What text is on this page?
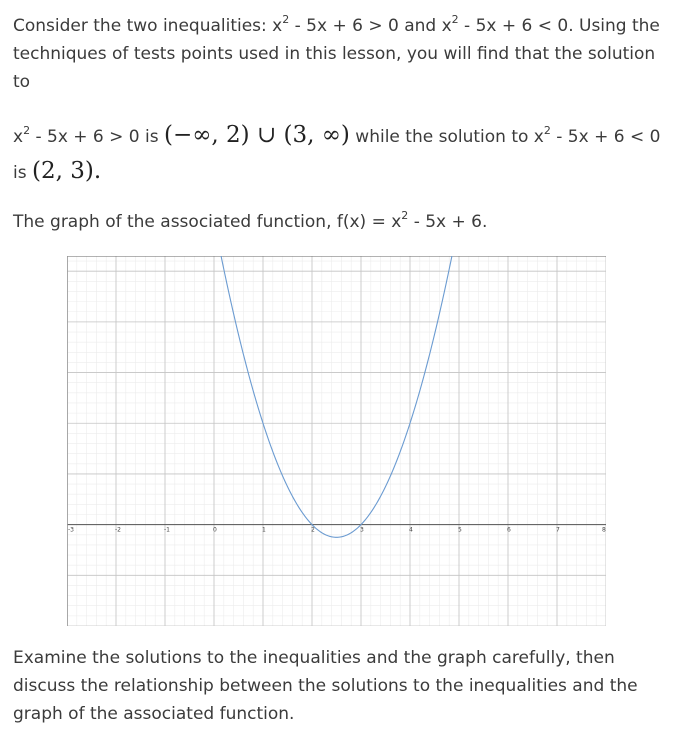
Consider the two inequalities: $x^2 - 5x + 6 > 0$ and $x^2 - 5x + 6 < 0$. Using the techniques of tests points used in this lesson, you will find that the solution to

$x^2 - 5x + 6 > 0$ is (−∞, 2) ∪ (3, ∞) while the solution to $x^2 - 5x + 6 < 0$ is (2, 3).

The graph of the associated function, $f(x) = x^2 - 5x + 6$.

-3	-2	-1	0	1	2	3	4	5	6	7	8

Examine the solutions to the inequalities and the graph carefully, then discuss the relationship between the solutions to the inequalities and the graph of the associated function.
